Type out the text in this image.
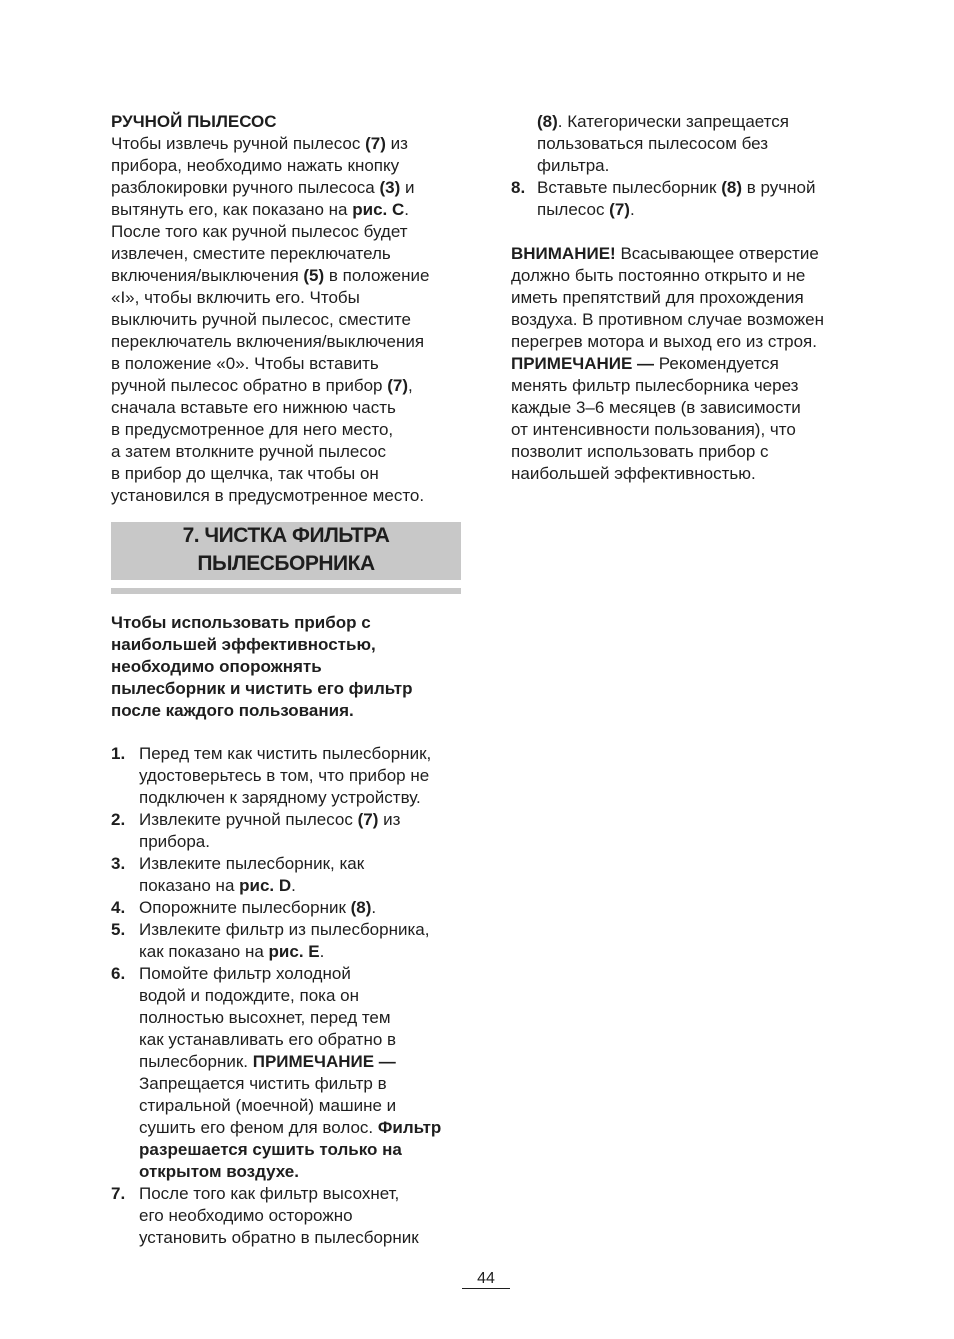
РУЧНОЙ ПЫЛЕСОС
Чтобы извлечь ручной пылесос (7) из
прибора, необходимо нажать кнопку
разблокировки ручного пылесоса (3) и
вытянуть его, как показано на рис. C.
После того как ручной пылесос будет
извлечен, сместите переключатель
включения/выключения (5) в положение
«I», чтобы включить его. Чтобы
выключить ручной пылесос, сместите
переключатель включения/выключения
в положение «0». Чтобы вставить
ручной пылесос обратно в прибор (7),
сначала вставьте его нижнюю часть
в предусмотренное для него место,
а затем втолкните ручной пылесос
в прибор до щелчка, так чтобы он
установился в предусмотренное место.
7. ЧИСТКА ФИЛЬТРА
ПЫЛЕСБОРНИКА
Чтобы использовать прибор с
наибольшей эффективностью,
необходимо опорожнять
пылесборник и чистить его фильтр
после каждого пользования.
1. Перед тем как чистить пылесборник,
удостоверьтесь в том, что прибор не
подключен к зарядному устройству.
2. Извлеките ручной пылесос (7) из
прибора.
3. Извлеките пылесборник, как
показано на рис. D.
4. Опорожните пылесборник (8).
5. Извлеките фильтр из пылесборника,
как показано на рис. E.
6. Помойте фильтр холодной
водой и подождите, пока он
полностью высохнет, перед тем
как устанавливать его обратно в
пылесборник. ПРИМЕЧАНИЕ —
Запрещается чистить фильтр в
стиральной (моечной) машине и
сушить его феном для волос. Фильтр
разрешается сушить только на
открытом воздухе.
7. После того как фильтр высохнет,
его необходимо осторожно
установить обратно в пылесборник
(8). Категорически запрещается
пользоваться пылесосом без
фильтра.
8. Вставьте пылесборник (8) в ручной
пылесос (7).
ВНИМАНИЕ! Всасывающее отверстие
должно быть постоянно открыто и не
иметь препятствий для прохождения
воздуха. В противном случае возможен
перегрев мотора и выход его из строя.
ПРИМЕЧАНИЕ — Рекомендуется
менять фильтр пылесборника через
каждые 3–6 месяцев (в зависимости
от интенсивности пользования), что
позволит использовать прибор с
наибольшей эффективностью.
44
